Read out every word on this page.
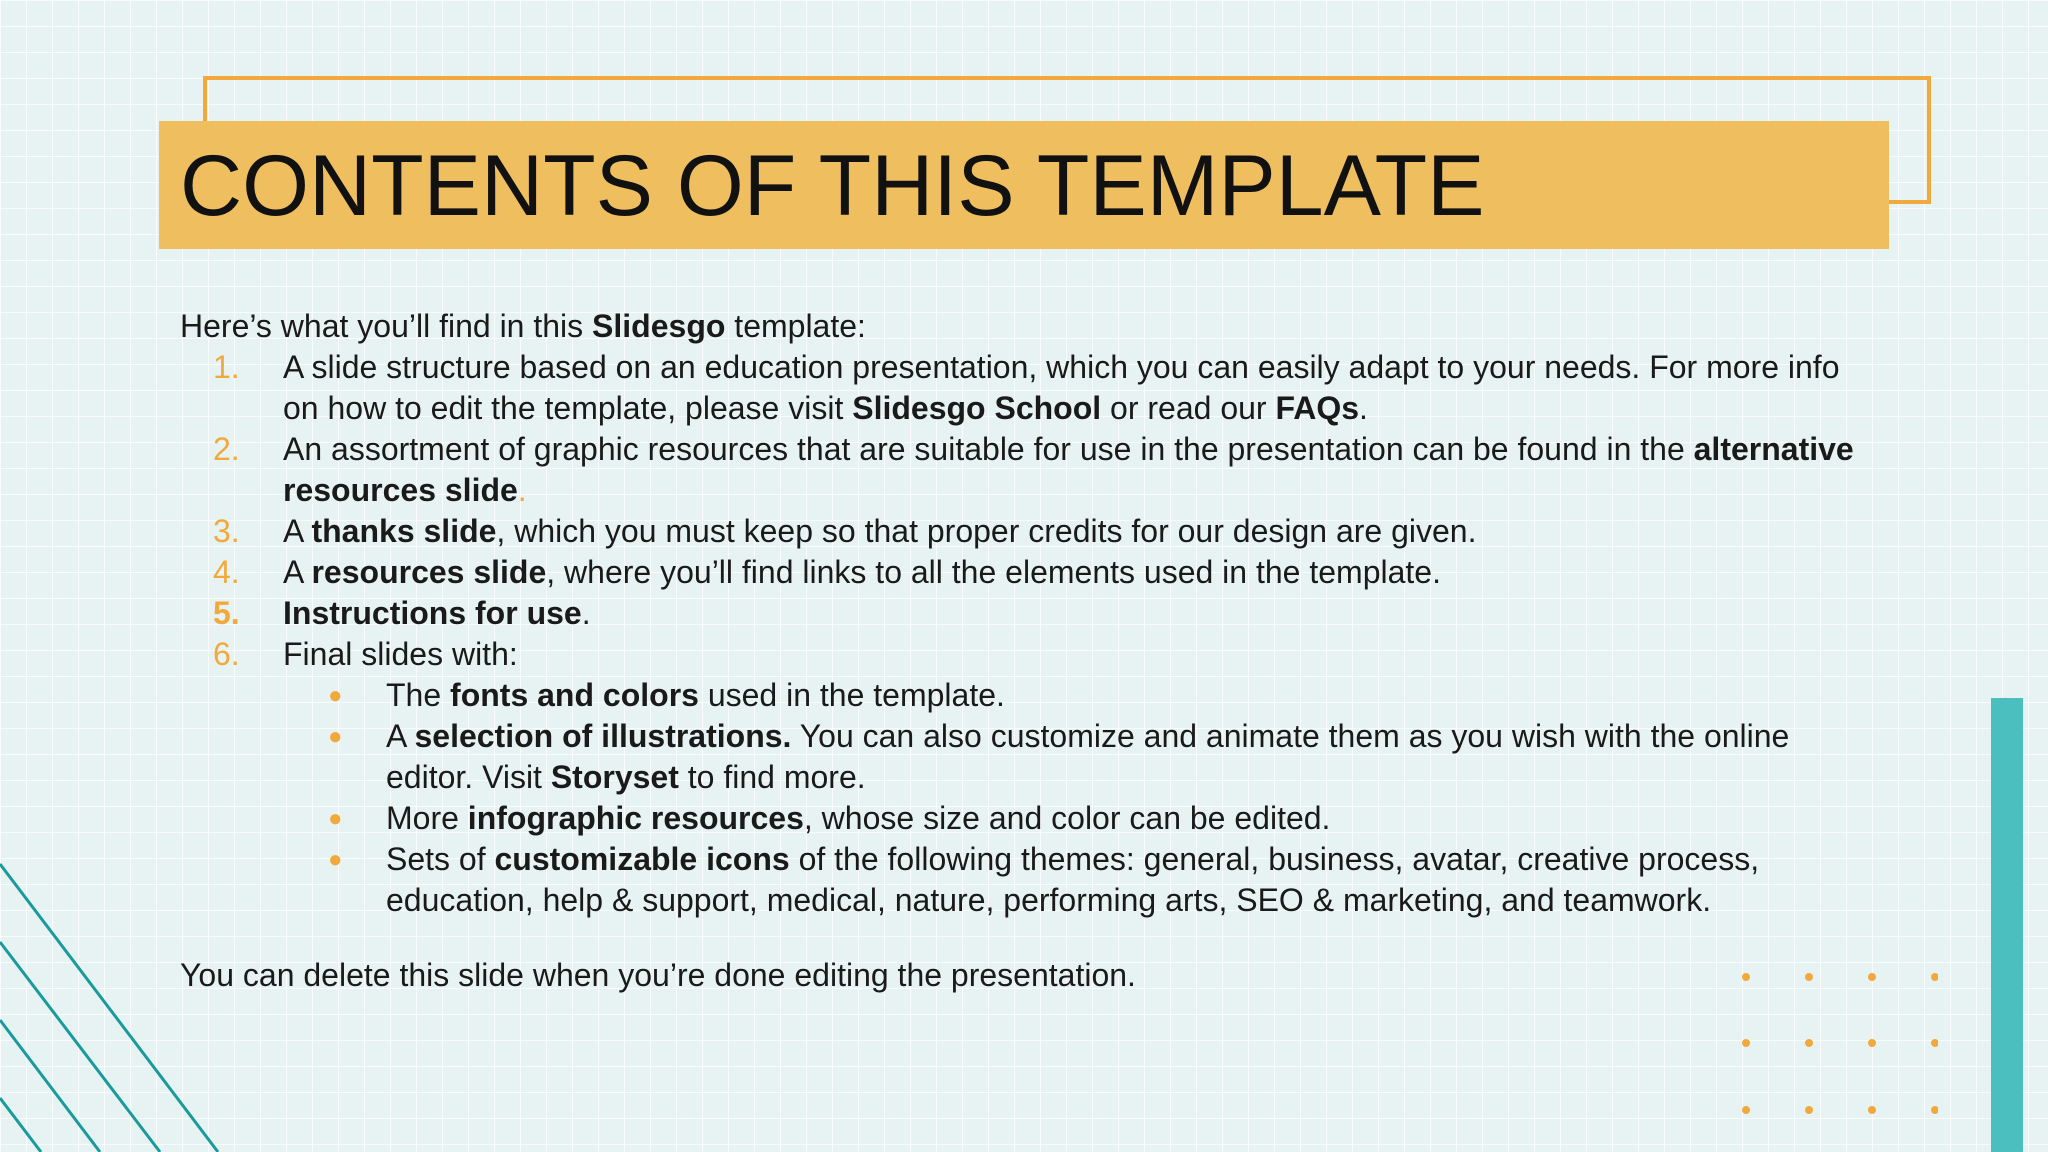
CONTENTS OF THIS TEMPLATE

Here’s what you’ll find in this Slidesgo template:

1. A slide structure based on an education presentation, which you can easily adapt to your needs. For more info on how to edit the template, please visit Slidesgo School or read our FAQs.
2. An assortment of graphic resources that are suitable for use in the presentation can be found in the alternative resources slide.
3. A thanks slide, which you must keep so that proper credits for our design are given.
4. A resources slide, where you’ll find links to all the elements used in the template.
5. Instructions for use.
6. Final slides with:
● The fonts and colors used in the template.
● A selection of illustrations. You can also customize and animate them as you wish with the online editor. Visit Storyset to find more.
● More infographic resources, whose size and color can be edited.
● Sets of customizable icons of the following themes: general, business, avatar, creative process, education, help & support, medical, nature, performing arts, SEO & marketing, and teamwork.

You can delete this slide when you’re done editing the presentation.
